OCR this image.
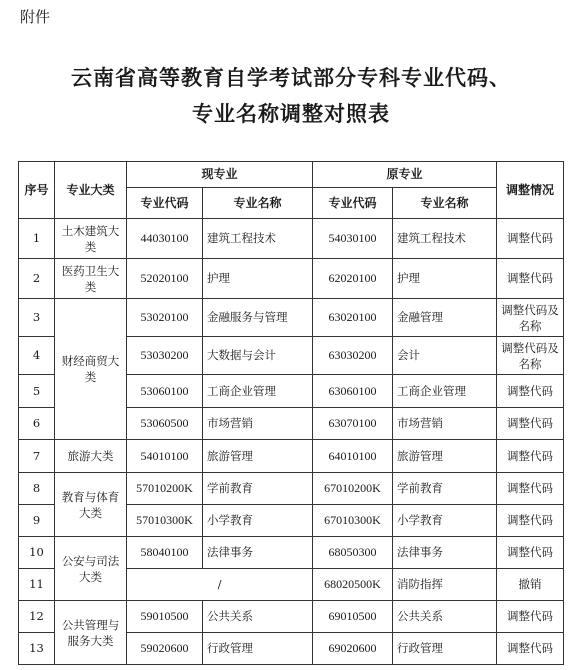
附件
云南省高等教育自学考试部分专科专业代码、
专业名称调整对照表
序号	专业大类	现专业		原专业		调整情况
		专业代码	专业名称	专业代码	专业名称	
1	土木建筑大类	44030100	建筑工程技术	54030100	建筑工程技术	调整代码
2	医药卫生大类	52020100	护理	62020100	护理	调整代码
3	财经商贸大类	53020100	金融服务与管理	63020100	金融管理	调整代码及名称
4		53030200	大数据与会计	63030200	会计	调整代码及名称
5		53060100	工商企业管理	63060100	工商企业管理	调整代码
6		53060500	市场营销	63070100	市场营销	调整代码
7	旅游大类	54010100	旅游管理	64010100	旅游管理	调整代码
8	教育与体育大类	57010200K	学前教育	67010200K	学前教育	调整代码
9		57010300K	小学教育	67010300K	小学教育	调整代码
10	公安与司法大类	58040100	法律事务	68050300	法律事务	调整代码
11		/		68020500K	消防指挥	撤销
12	公共管理与服务大类	59010500	公共关系	69010500	公共关系	调整代码
13		59020600	行政管理	69020600	行政管理	调整代码
